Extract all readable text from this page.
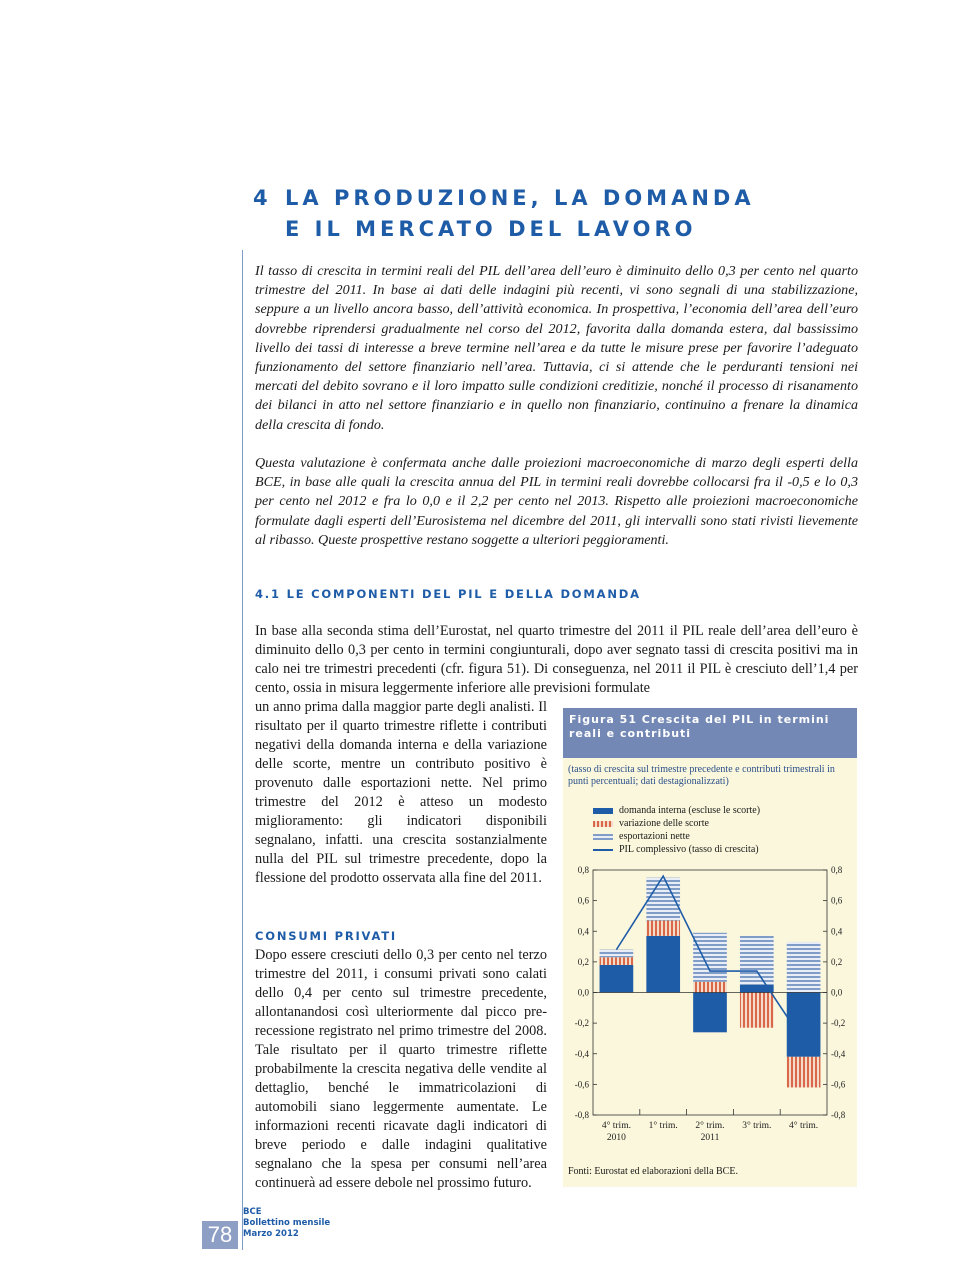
4 LA PRODUZIONE, LA DOMANDA
E IL MERCATO DEL LAVORO

Il tasso di crescita in termini reali del PIL dell’area dell’euro è diminuito dello 0,3 per cento nel quarto trimestre del 2011. In base ai dati delle indagini più recenti, vi sono segnali di una stabilizzazione, seppure a un livello ancora basso, dell’attività economica. In prospettiva, l’economia dell’area dell’euro dovrebbe riprendersi gradualmente nel corso del 2012, favorita dalla domanda estera, dal bassissimo livello dei tassi di interesse a breve termine nell’area e da tutte le misure prese per favorire l’adeguato funzionamento del settore finanziario nell’area. Tuttavia, ci si attende che le perduranti tensioni nei mercati del debito sovrano e il loro impatto sulle condizioni creditizie, nonché il processo di risanamento dei bilanci in atto nel settore finanziario e in quello non finanziario, continuino a frenare la dinamica della crescita di fondo.

Questa valutazione è confermata anche dalle proiezioni macroeconomiche di marzo degli esperti della BCE, in base alle quali la crescita annua del PIL in termini reali dovrebbe collocarsi fra il -0,5 e lo 0,3 per cento nel 2012 e fra lo 0,0 e il 2,2 per cento nel 2013. Rispetto alle proiezioni macroeconomiche formulate dagli esperti dell’Eurosistema nel dicembre del 2011, gli intervalli sono stati rivisti lievemente al ribasso. Queste prospettive restano soggette a ulteriori peggioramenti.

4.1 LE COMPONENTI DEL PIL E DELLA DOMANDA

In base alla seconda stima dell’Eurostat, nel quarto trimestre del 2011 il PIL reale dell’area dell’euro è diminuito dello 0,3 per cento in termini congiunturali, dopo aver segnato tassi di crescita positivi ma in calo nei tre trimestri precedenti (cfr. figura 51). Di conseguenza, nel 2011 il PIL è cresciuto dell’1,4 per cento, ossia in misura leggermente inferiore alle previsioni formulate

un anno prima dalla maggior parte degli analisti. Il risultato per il quarto trimestre riflette i contributi negativi della domanda interna e della variazione delle scorte, mentre un contributo positivo è provenuto dalle esportazioni nette. Nel primo trimestre del 2012 è atteso un modesto miglioramento: gli indicatori disponibili segnalano, infatti. una crescita sostanzialmente nulla del PIL sul trimestre precedente, dopo la flessione del prodotto osservata alla fine del 2011.

CONSUMI PRIVATI

Dopo essere cresciuti dello 0,3 per cento nel terzo trimestre del 2011, i consumi privati sono calati dello 0,4 per cento sul trimestre precedente, allontanandosi così ulteriormente dal picco pre-recessione registrato nel primo trimestre del 2008. Tale risultato per il quarto trimestre riflette probabilmente la crescita negativa delle vendite al dettaglio, benché le immatricolazioni di automobili siano leggermente aumentate. Le informazioni recenti ricavate dagli indicatori di breve periodo e dalle indagini qualitative segnalano che la spesa per consumi nell’area continuerà ad essere debole nel prossimo futuro.

Figura 51 Crescita del PIL in termini reali e contributi

(tasso di crescita sul trimestre precedente e contributi trimestrali in punti percentuali; dati destagionalizzati)

domanda interna (escluse le scorte)
variazione delle scorte
esportazioni nette
PIL complessivo (tasso di crescita)
0,8	0,8
0,6	0,6
0,4	0,4
0,2	0,2
0,0	0,0
-0,2	-0,2
-0,4	-0,4
-0,6	-0,6
-0,8	-0,8
4° trim. 1° trim. 2° trim. 3° trim. 4° trim.
2010	2011

Fonti: Eurostat ed elaborazioni della BCE.

78
BCE
Bollettino mensile
Marzo 2012
